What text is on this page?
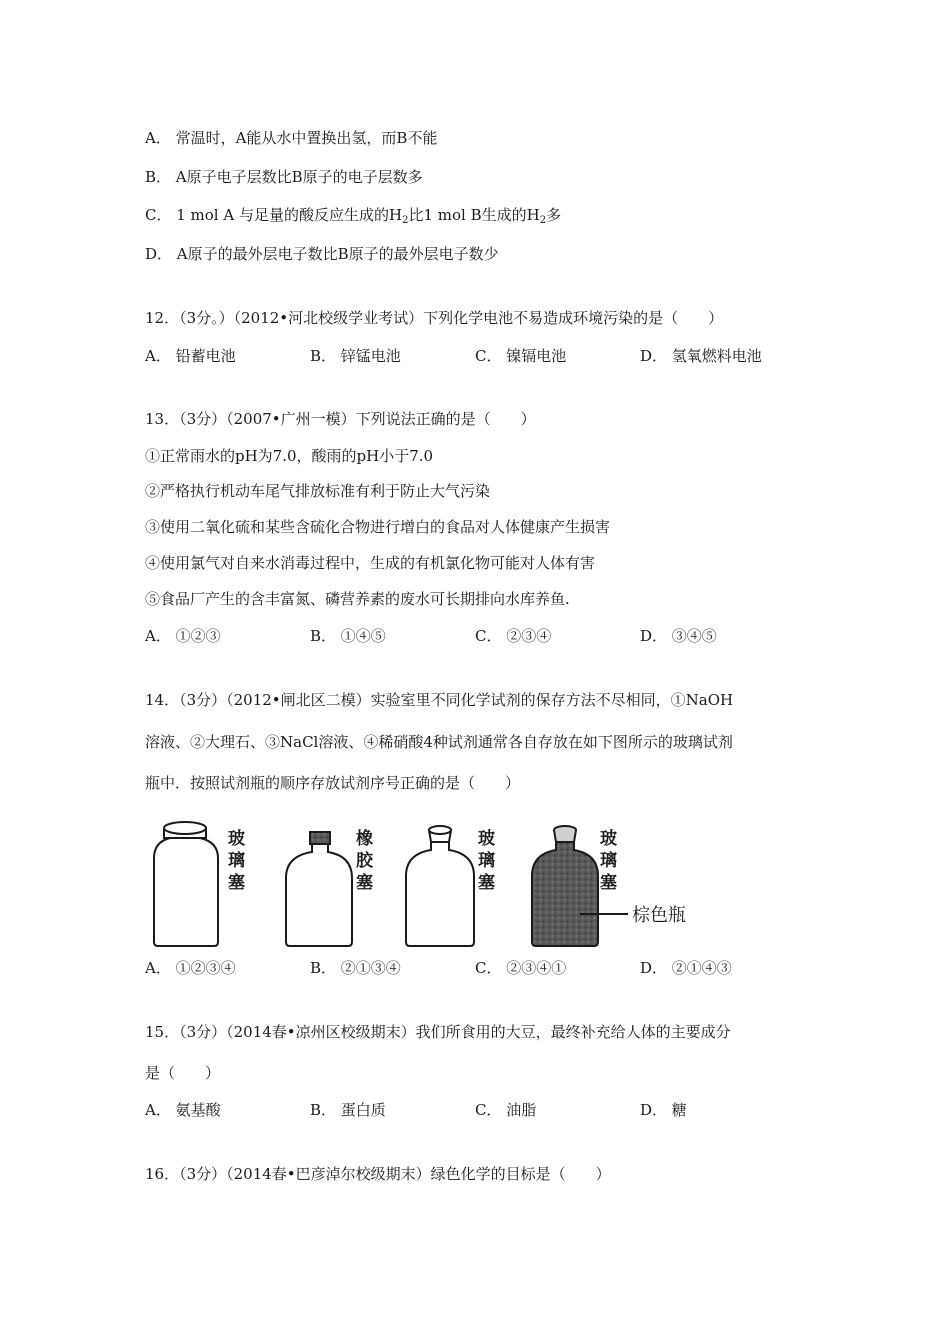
A． 常温时，A能从水中置换出氢，而B不能
B． A原子电子层数比B原子的电子层数多
C． 1 mol A 与足量的酸反应生成的$H_2$比1 mol B生成的$H_2$多
D． A原子的最外层电子数比B原子的最外层电子数少
12．（3分。）（2012•河北校级学业考试）下列化学电池不易造成环境污染的是（　　）
A． 铅蓄电池	B． 锌锰电池	C． 镍镉电池	D． 氢氧燃料电池
13．（3分）（2007•广州一模）下列说法正确的是（　　）
①正常雨水的pH为7.0，酸雨的pH小于7.0
②严格执行机动车尾气排放标准有利于防止大气污染
③使用二氧化硫和某些含硫化合物进行增白的食品对人体健康产生损害
④使用氯气对自来水消毒过程中，生成的有机氯化物可能对人体有害
⑤食品厂产生的含丰富氮、磷营养素的废水可长期排向水库养鱼.
A． ①②③	B． ①④⑤	C． ②③④	D． ③④⑤
14．（3分）（2012•闸北区二模）实验室里不同化学试剂的保存方法不尽相同，①NaOH
溶液、②大理石、③NaCl溶液、④稀硝酸4种试剂通常各自存放在如下图所示的玻璃试剂
瓶中．按照试剂瓶的顺序存放试剂序号正确的是（　　）
玻
璃
塞
橡
胶
塞
玻
璃
塞
玻
璃
塞
棕色瓶
A． ①②③④	B． ②①③④	C． ②③④①	D． ②①④③
15．（3分）（2014春•凉州区校级期末）我们所食用的大豆，最终补充给人体的主要成分
是（　　）
A． 氨基酸	B． 蛋白质	C． 油脂	D． 糖
16．（3分）（2014春•巴彦淖尔校级期末）绿色化学的目标是（　　）
